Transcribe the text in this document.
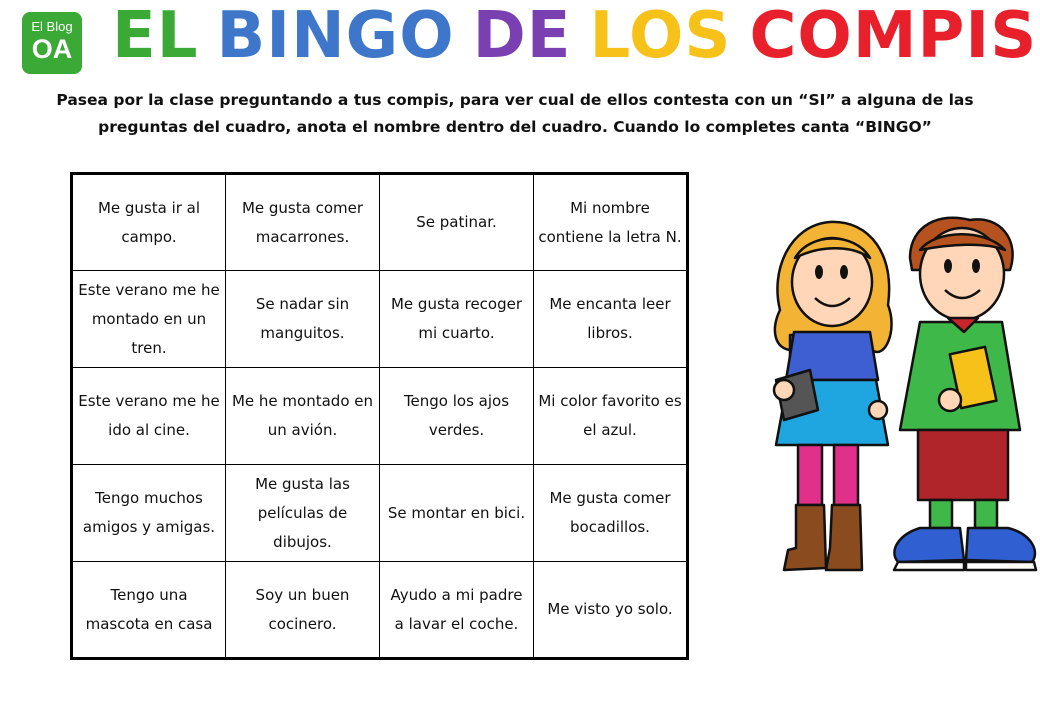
El Blog
OA EL BINGO DE LOS COMPIS

Pasea por la clase preguntando a tus compis, para ver cual de ellos contesta con un “SI” a alguna de las preguntas del cuadro, anota el nombre dentro del cuadro. Cuando lo completes canta “BINGO”

Me gusta ir al campo.	Me gusta comer macarrones.	Se patinar.	Mi nombre contiene la letra N.
Este verano me he montado en un tren.	Se nadar sin manguitos.	Me gusta recoger mi cuarto.	Me encanta leer libros.
Este verano me he ido al cine.	Me he montado en un avión.	Tengo los ajos verdes.	Mi color favorito es el azul.
Tengo muchos amigos y amigas.	Me gusta las películas de dibujos.	Se montar en bici.	Me gusta comer bocadillos.
Tengo una mascota en casa	Soy un buen cocinero.	Ayudo a mi padre a lavar el coche.	Me visto yo solo.
